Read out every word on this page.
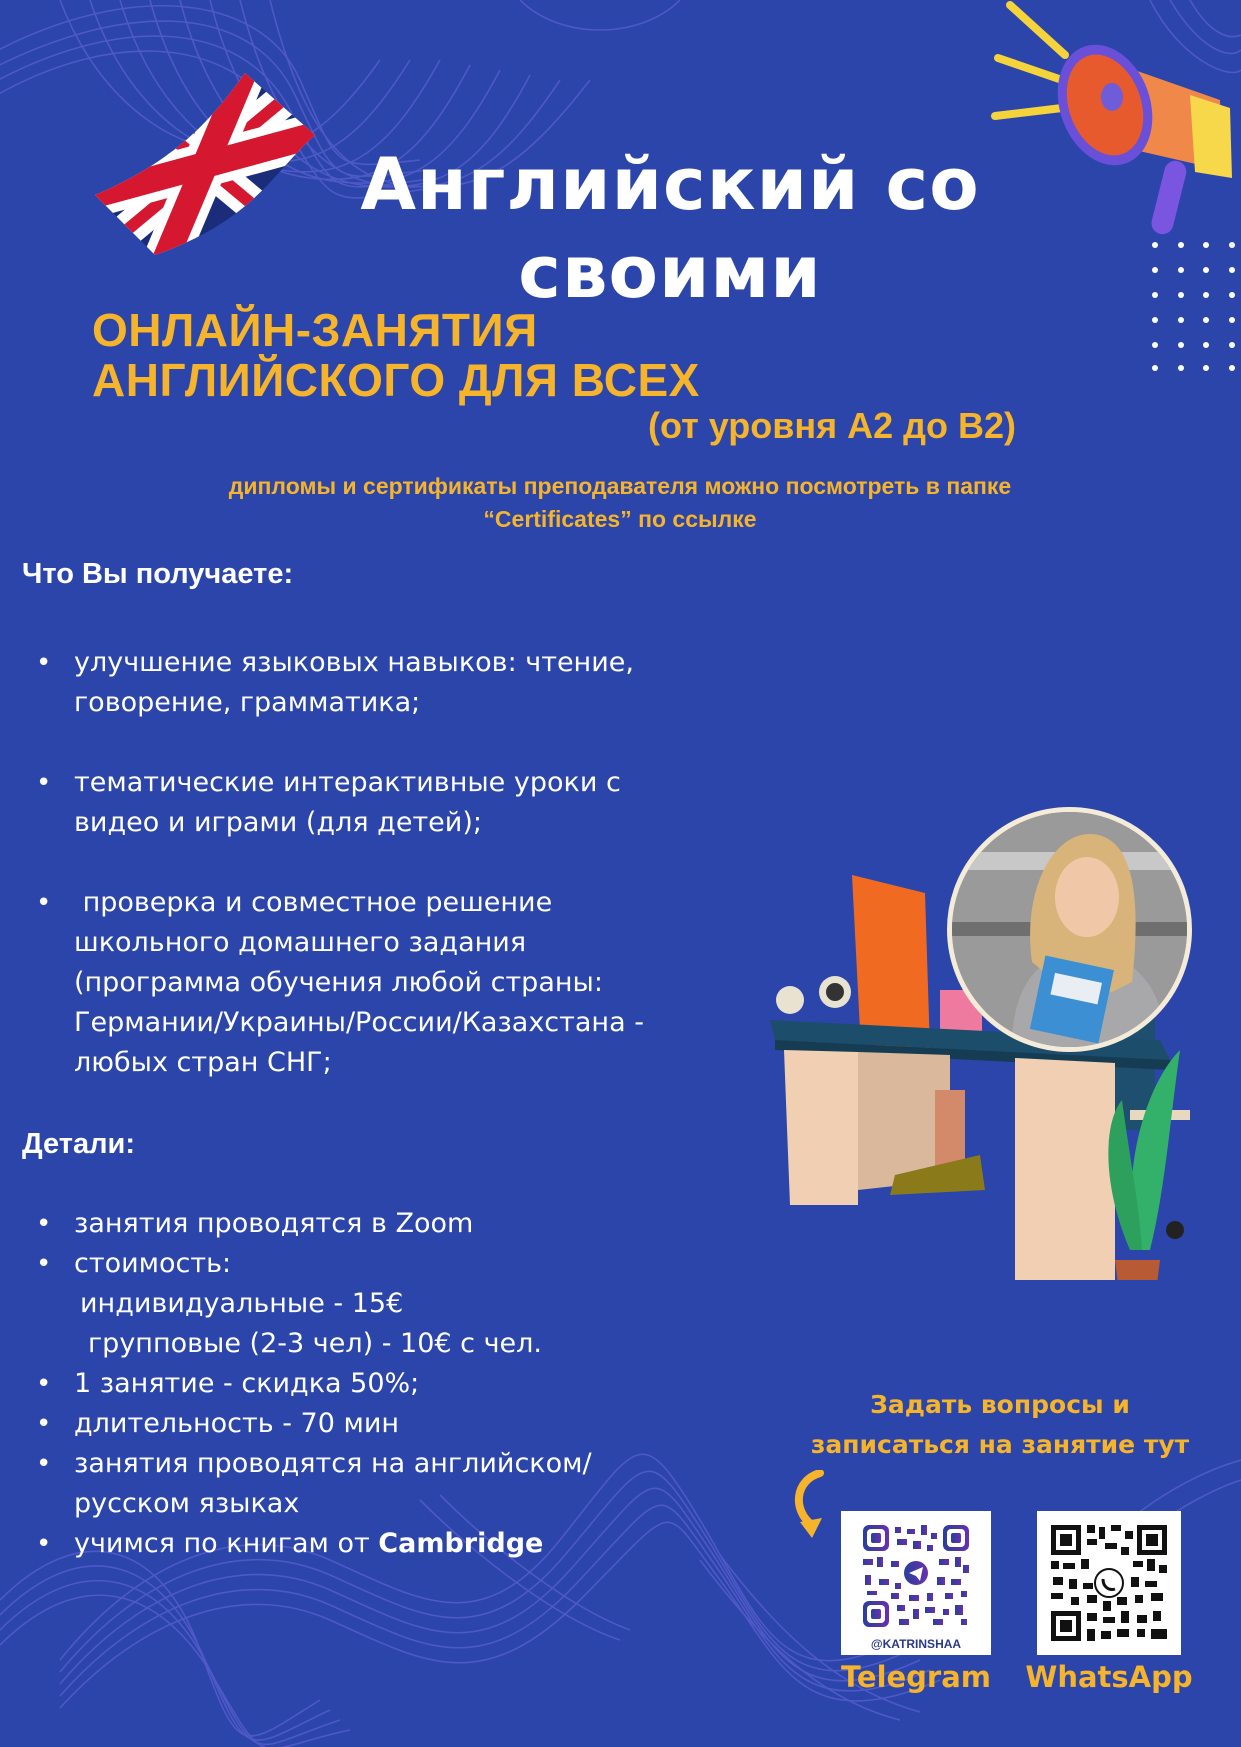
Английский со
своими
ОНЛАЙН-ЗАНЯТИЯ
АНГЛИЙСКОГО ДЛЯ ВСЕХ
(от уровня А2 до В2)
дипломы и сертификаты преподавателя можно посмотреть в папке
“Certificates” по ссылке
Что Вы получаете:
• улучшение языковых навыков: чтение,
говорение, грамматика;
• тематические интерактивные уроки с
видео и играми (для детей);
• проверка и совместное решение
школьного домашнего задания
(программа обучения любой страны:
Германии/Украины/России/Казахстана -
любых стран СНГ;
Детали:
• занятия проводятся в Zoom
• стоимость:
индивидуальные - 15€
групповые (2-3 чел) - 10€ с чел.
• 1 занятие - скидка 50%;
• длительность - 70 мин
• занятия проводятся на английском/
русском языках
• учимся по книгам от Cambridge
Задать вопросы и
записаться на занятие тут
@KATRINSHAA
Telegram	WhatsApp
